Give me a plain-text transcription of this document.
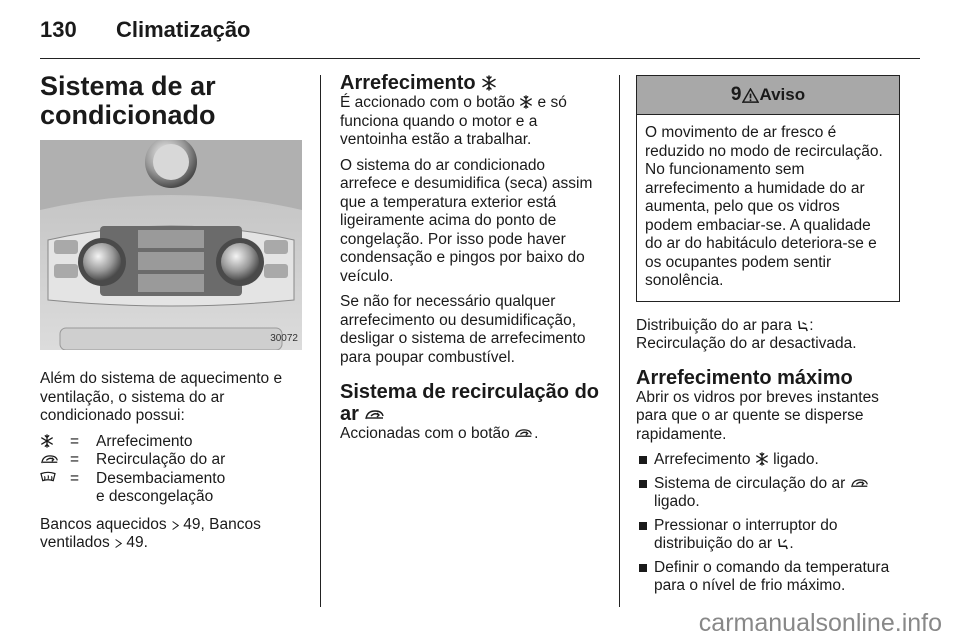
130 Climatização
Sistema de ar
condicionado
30072

Além do sistema de aquecimento e ventilação, o sistema do ar condicionado possui:

=	Arrefecimento
=	Recirculação do ar
=	Desembaciamento
e descongelação

Bancos aquecidos  49, Bancos
ventilados  49.

Arrefecimento

É accionado com o botão  e só funciona quando o motor e a ventoinha estão a trabalhar.

O sistema do ar condicionado arrefece e desumidifica (seca) assim que a temperatura exterior está ligeiramente acima do ponto de congelação. Por isso pode haver condensação e pingos por baixo do veículo.

Se não for necessário qualquer arrefecimento ou desumidificação, desligar o sistema de arrefecimento para poupar combustível.

Sistema de recirculação do
ar

Accionadas com o botão .

9 Aviso
O movimento de ar fresco é reduzido no modo de recirculação. No funcionamento sem arrefecimento a humidade do ar aumenta, pelo que os vidros podem embaciar-se. A qualidade do ar do habitáculo deteriora-se e os ocupantes podem sentir sonolência.

Distribuição do ar para :

Recirculação do ar desactivada.

Arrefecimento máximo

Abrir os vidros por breves instantes para que o ar quente se disperse rapidamente.

Arrefecimento  ligado.
Sistema de circulação do ar  ligado.
Pressionar o interruptor do distribuição do ar .
Definir o comando da temperatura para o nível de frio máximo.
carmanualsonline.info
